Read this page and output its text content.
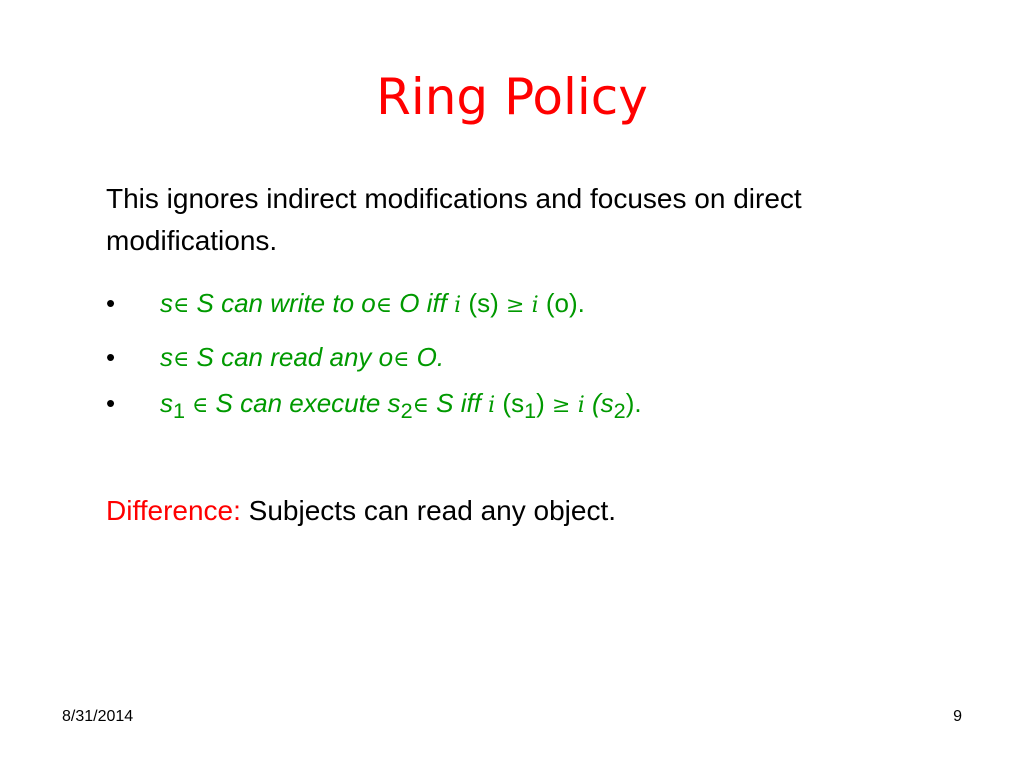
Ring Policy
This ignores indirect modifications and focuses on direct modifications.
•	s∈ S can write to o∈ O iff i (s) ≥ i (o).
•	s∈ S can read any o∈ O.
•	$s_1$ ∈ S can execute $s_2\in$ S iff i $(s_1) \ge i$ $(s_2)$.
Difference: Subjects can read any object.
8/31/2014	9
